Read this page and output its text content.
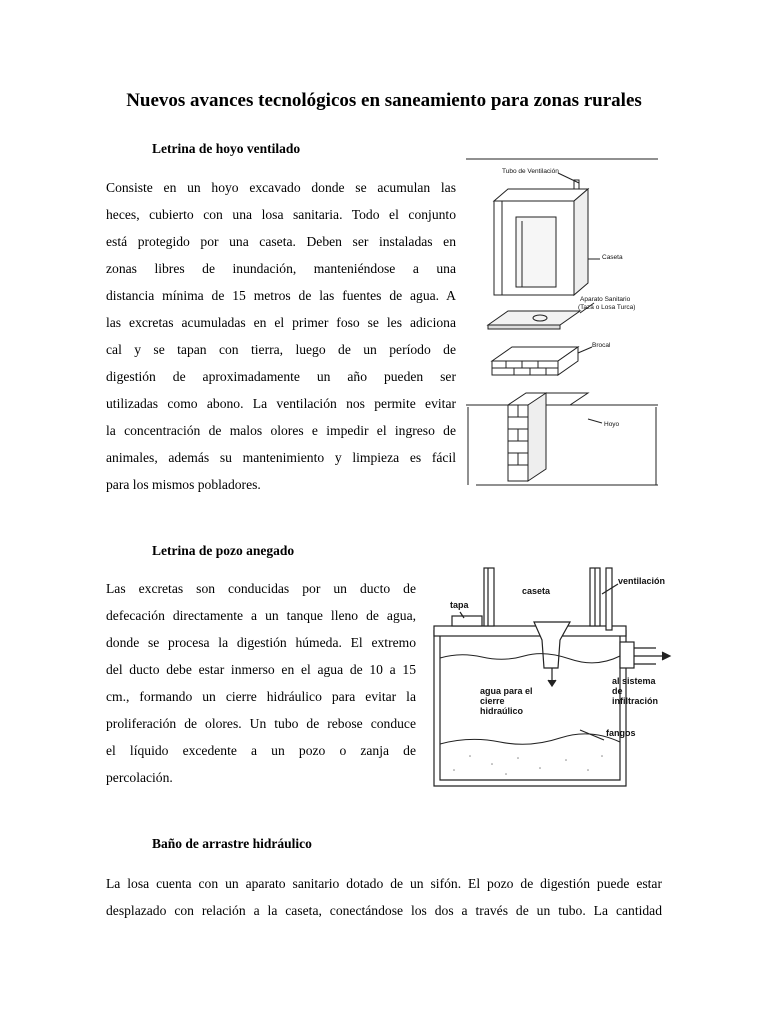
Nuevos avances tecnológicos en saneamiento para zonas rurales
Letrina de hoyo ventilado
Consiste en un hoyo excavado donde se acumulan las
heces, cubierto con una losa sanitaria. Todo el conjunto
está protegido por una caseta. Deben ser instaladas en
zonas libres de inundación, manteniéndose a una
distancia mínima de 15 metros de las fuentes de agua. A
las excretas acumuladas en el primer foso se les adiciona
cal y se tapan con tierra, luego de un período de
digestión de aproximadamente un año pueden ser
utilizadas como abono. La ventilación nos permite evitar
la concentración de malos olores e impedir el ingreso de
animales, además su mantenimiento y limpieza es fácil
para los mismos pobladores.
Tubo de Ventilación
Caseta
Aparato Sanitario
(Taza o Losa Turca)
Brocal
Hoyo
Letrina de pozo anegado
Las excretas son conducidas por un ducto de
defecación directamente a un tanque lleno de agua,
donde se procesa la digestión húmeda. El extremo
del ducto debe estar inmerso en el agua de 10 a 15
cm., formando un cierre hidráulico para evitar la
proliferación de olores. Un tubo de rebose conduce
el líquido excedente a un pozo o zanja de
percolación.
caseta
ventilación
tapa
agua para el
cierre
hidraúlico
al sistema
de
infiltración
fangos
Baño de arrastre hidráulico
La losa cuenta con un aparato sanitario dotado de un sifón. El pozo de digestión puede estar
desplazado con relación a la caseta, conectándose los dos a través de un tubo. La cantidad
